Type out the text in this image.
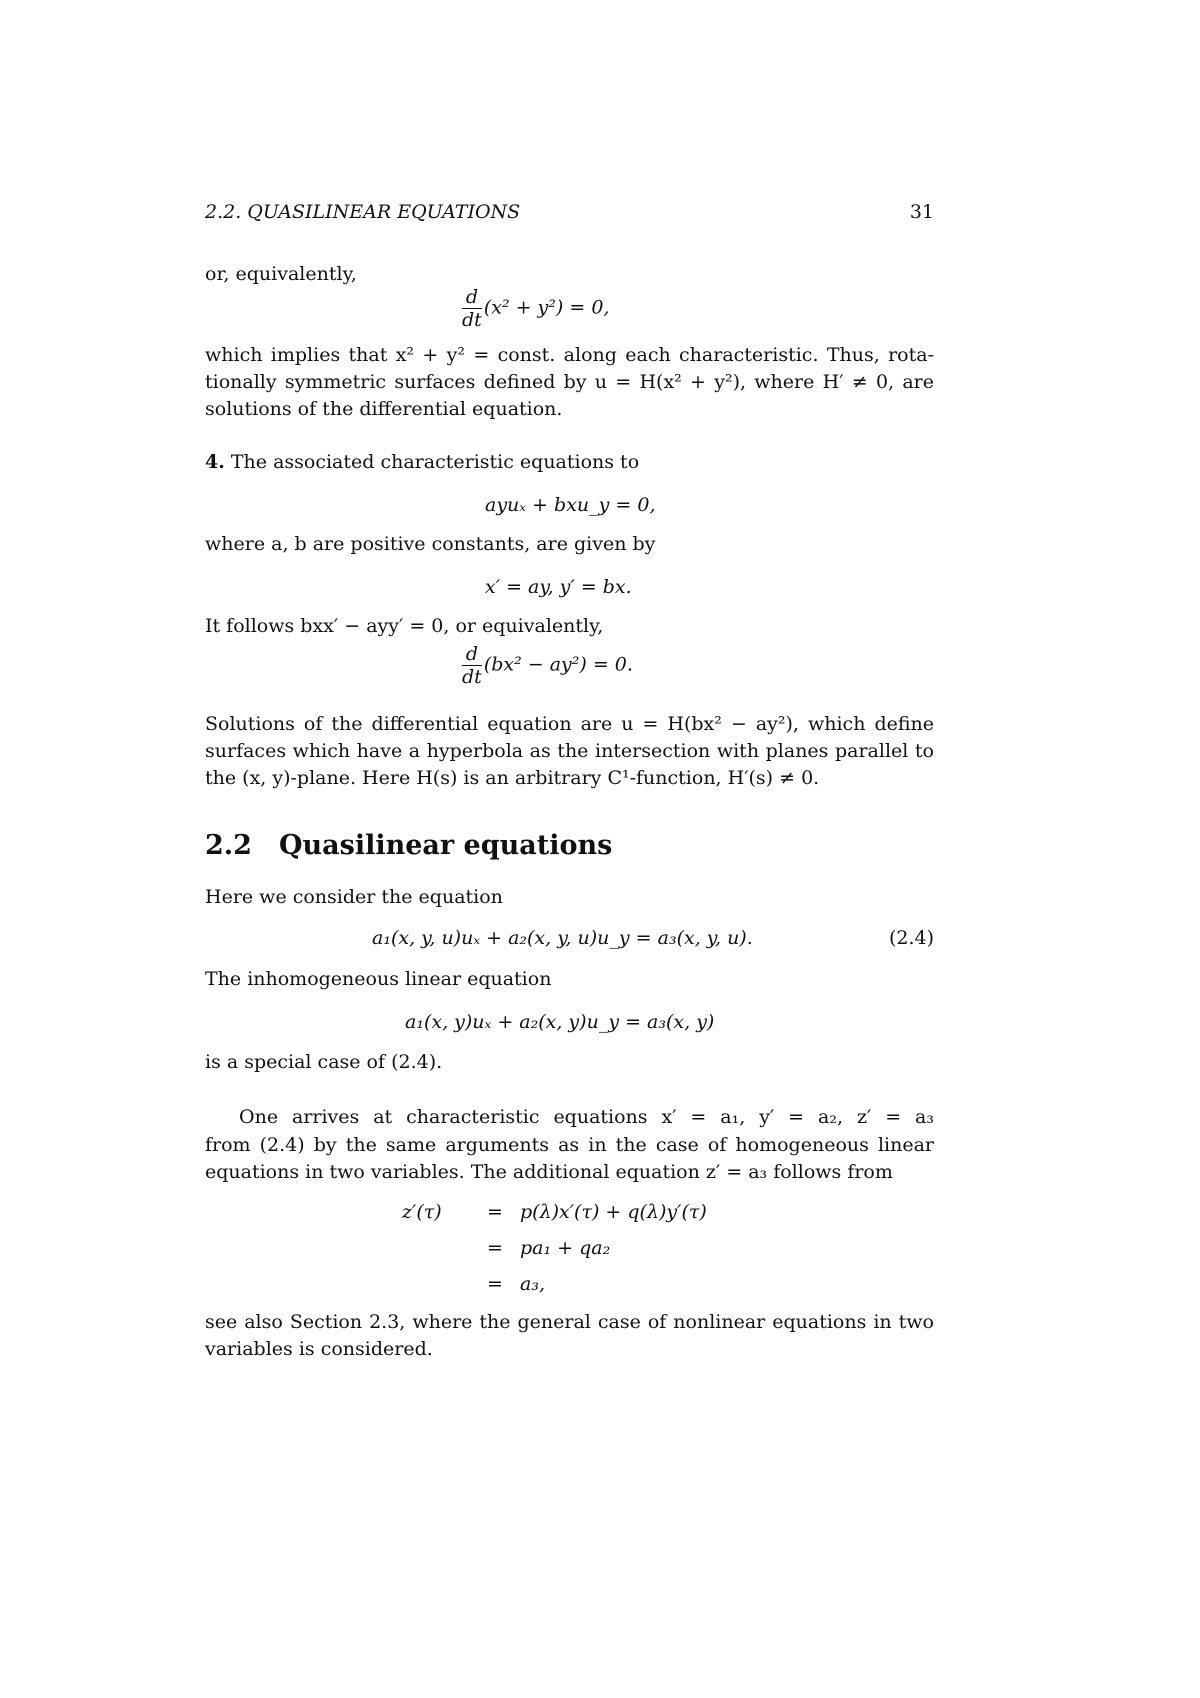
2.2. QUASILINEAR EQUATIONS	31
or, equivalently,
$\frac{d}{dt} (x^2 + y^2) = 0$,
which implies that x² + y² = const. along each characteristic. Thus, rota-
tionally symmetric surfaces defined by u = H(x² + y²), where H′ ≠ 0, are
solutions of the differential equation.
4. The associated characteristic equations to
ayuₓ + bxu_y = 0,
where a, b are positive constants, are given by
x′ = ay, y′ = bx.
It follows bxx′ − ayy′ = 0, or equivalently,
$\frac{d}{dt} (bx^2 - ay^2) = 0$.
Solutions of the differential equation are u = H(bx² − ay²), which define
surfaces which have a hyperbola as the intersection with planes parallel to
the (x, y)-plane. Here H(s) is an arbitrary C¹-function, H′(s) ≠ 0.
2.2 Quasilinear equations
Here we consider the equation
a₁(x, y, u)uₓ + a₂(x, y, u)u_y = a₃(x, y, u).	(2.4)
The inhomogeneous linear equation
a₁(x, y)uₓ + a₂(x, y)u_y = a₃(x, y)
is a special case of (2.4).
One arrives at characteristic equations x′ = a₁, y′ = a₂, z′ = a₃
from (2.4) by the same arguments as in the case of homogeneous linear
equations in two variables. The additional equation z′ = a₃ follows from
z′(τ) = p(λ)x′(τ) + q(λ)y′(τ)
= pa₁ + qa₂
= a₃,
see also Section 2.3, where the general case of nonlinear equations in two
variables is considered.
